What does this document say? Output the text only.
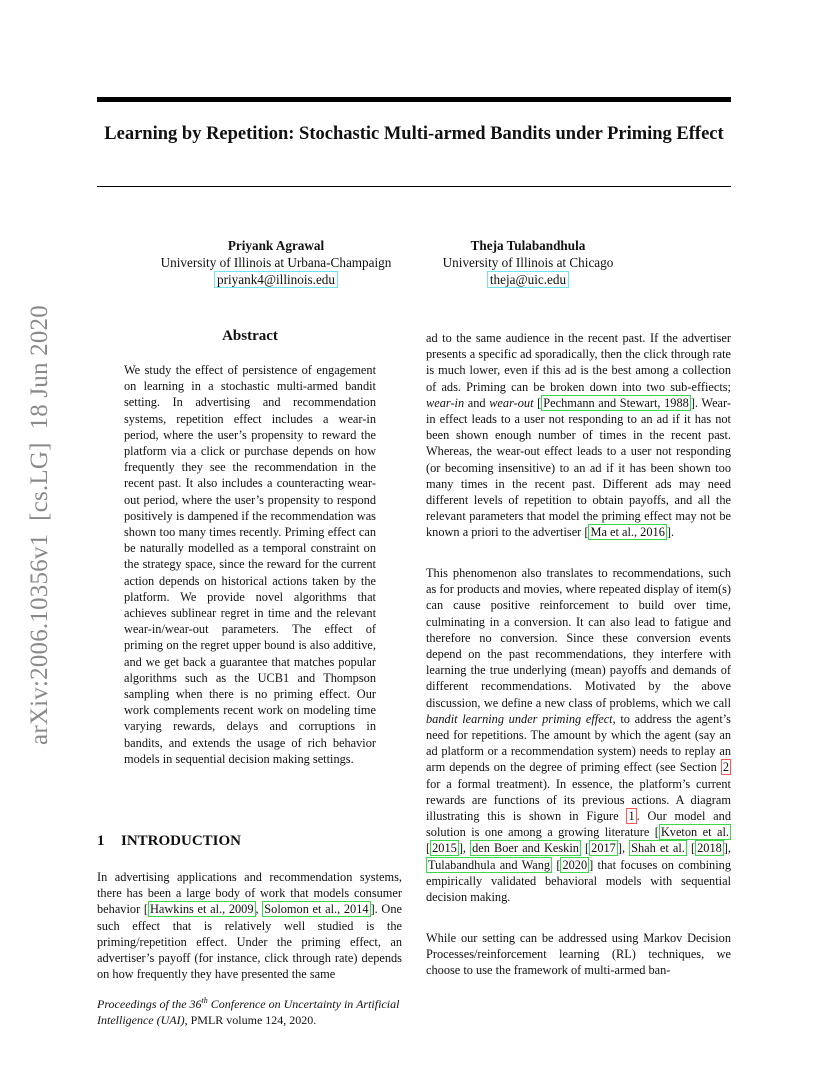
Learning by Repetition: Stochastic Multi-armed Bandits under Priming Effect
Priyank Agrawal
University of Illinois at Urbana-Champaign
priyank4@illinois.edu
Theja Tulabandhula
University of Illinois at Chicago
theja@uic.edu
arXiv:2006.10356v1  [cs.LG]  18 Jun 2020	Abstract

We study the effect of persistence of engagement on learning in a stochastic multi-armed bandit setting. In advertising and recommendation systems, repetition effect includes a wear-in period, where the user’s propensity to reward the platform via a click or purchase depends on how frequently they see the recommendation in the recent past. It also includes a counteracting wear-out period, where the user’s propensity to respond positively is dampened if the recommendation was shown too many times recently. Priming effect can be naturally modelled as a temporal constraint on the strategy space, since the reward for the current action depends on historical actions taken by the platform. We provide novel algorithms that achieves sublinear regret in time and the relevant wear-in/wear-out parameters. The effect of priming on the regret upper bound is also additive, and we get back a guarantee that matches popular algorithms such as the UCB1 and Thompson sampling when there is no priming effect. Our work complements recent work on modeling time varying rewards, delays and corruptions in bandits, and extends the usage of rich behavior models in sequential decision making settings.

1 INTRODUCTION

In advertising applications and recommendation systems, there has been a large body of work that models consumer behavior [ Hawkins et al., 2009 , Solomon et al., 2014 ]. One such effect that is relatively well studied is the priming/repetition effect. Under the priming effect, an advertiser’s payoff (for instance, click through rate) depends on how frequently they have presented the same

Proceedings of the 36th Conference on Uncertainty in Artificial Intelligence (UAI), PMLR volume 124, 2020.

ad to the same audience in the recent past. If the advertiser presents a specific ad sporadically, then the click through rate is much lower, even if this ad is the best among a collection of ads. Priming can be broken down into two sub-effiects; wear-in and wear-out [ Pechmann and Stewart, 1988 ]. Wear-in effect leads to a user not responding to an ad if it has not been shown enough number of times in the recent past. Whereas, the wear-out effect leads to a user not responding (or becoming insensitive) to an ad if it has been shown too many times in the recent past. Different ads may need different levels of repetition to obtain payoffs, and all the relevant parameters that model the priming effect may not be known a priori to the advertiser [ Ma et al., 2016 ].

This phenomenon also translates to recommendations, such as for products and movies, where repeated display of item(s) can cause positive reinforcement to build over time, culminating in a conversion. It can also lead to fatigue and therefore no conversion. Since these conversion events depend on the past recommendations, they interfere with learning the true underlying (mean) payoffs and demands of different recommendations. Motivated by the above discussion, we define a new class of problems, which we call bandit learning under priming effect, to address the agent’s need for repetitions. The amount by which the agent (say an ad platform or a recommendation system) needs to replay an arm depends on the degree of priming effect (see Section 2 for a formal treatment). In essence, the platform’s current rewards are functions of its previous actions. A diagram illustrating this is shown in Figure 1 . Our model and solution is one among a growing literature [ Kveton et al. [ 2015 ], den Boer and Keskin [ 2017 ], Shah et al. [ 2018 ], Tulabandhula and Wang [ 2020 ] that focuses on combining empirically validated behavioral models with sequential decision making.

While our setting can be addressed using Markov Decision Processes/reinforcement learning (RL) techniques, we choose to use the framework of multi-armed ban-
